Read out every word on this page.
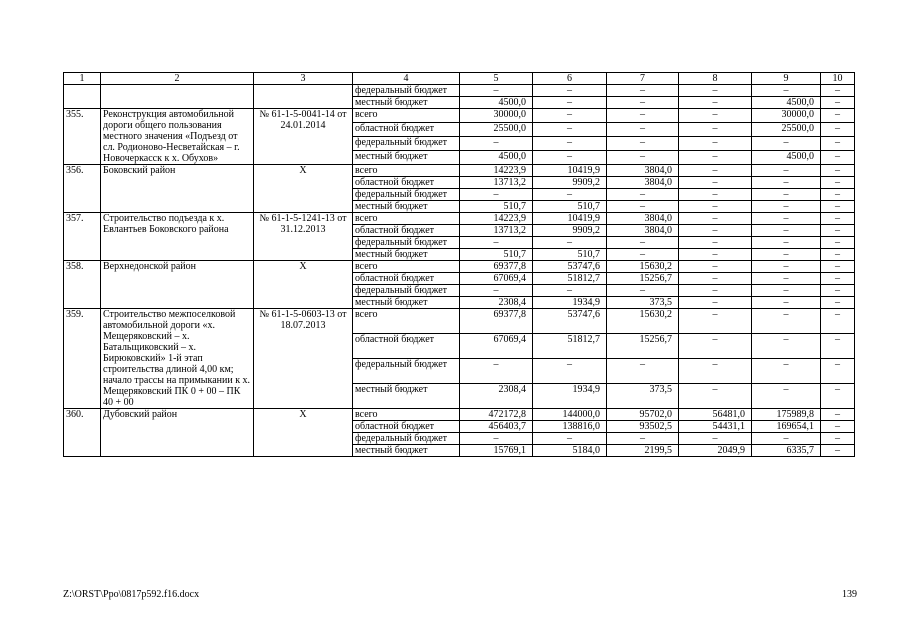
1	2	3	4	5	6	7	8	9	10
			федеральный бюджет	–	–	–	–	–	–
			местный бюджет	4500,0	–	–	–	4500,0	–
355.	Реконструкция автомобильной дороги общего пользования местного значения «Подъезд от сл. Родионово-Несветайская – г. Новочеркасск к х. Обухов»	№ 61-1-5-0041-14 от 24.01.2014	всего	30000,0	–	–	–	30000,0	–
			областной бюджет	25500,0	–	–	–	25500,0	–
			федеральный бюджет	–	–	–	–	–	–
			местный бюджет	4500,0	–	–	–	4500,0	–
356.	Боковский район	Х	всего	14223,9	10419,9	3804,0	–	–	–
			областной бюджет	13713,2	9909,2	3804,0	–	–	–
			федеральный бюджет	–	–	–	–	–	–
			местный бюджет	510,7	510,7	–	–	–	–
357.	Строительство подъезда к х. Евлантьев Боковского района	№ 61-1-5-1241-13 от 31.12.2013	всего	14223,9	10419,9	3804,0	–	–	–
			областной бюджет	13713,2	9909,2	3804,0	–	–	–
			федеральный бюджет	–	–	–	–	–	–
			местный бюджет	510,7	510,7	–	–	–	–
358.	Верхнедонской район	Х	всего	69377,8	53747,6	15630,2	–	–	–
			областной бюджет	67069,4	51812,7	15256,7	–	–	–
			федеральный бюджет	–	–	–	–	–	–
			местный бюджет	2308,4	1934,9	373,5	–	–	–
359.	Строительство межпоселковой автомобильной дороги «х. Мещеряковский – х. Батальщиковский – х. Бирюковский» 1-й этап строительства длиной 4,00 км; начало трассы на примыкании к х. Мещеряковский ПК 0 + 00 – ПК 40 + 00	№ 61-1-5-0603-13 от 18.07.2013	всего	69377,8	53747,6	15630,2	–	–	–
			областной бюджет	67069,4	51812,7	15256,7	–	–	–
			федеральный бюджет	–	–	–	–	–	–
			местный бюджет	2308,4	1934,9	373,5	–	–	–
360.	Дубовский район	Х	всего	472172,8	144000,0	95702,0	56481,0	175989,8	–
			областной бюджет	456403,7	138816,0	93502,5	54431,1	169654,1	–
			федеральный бюджет	–	–	–	–	–	–
			местный бюджет	15769,1	5184,0	2199,5	2049,9	6335,7	–
Z:\ORST\Ppo\0817p592.f16.docx	139
